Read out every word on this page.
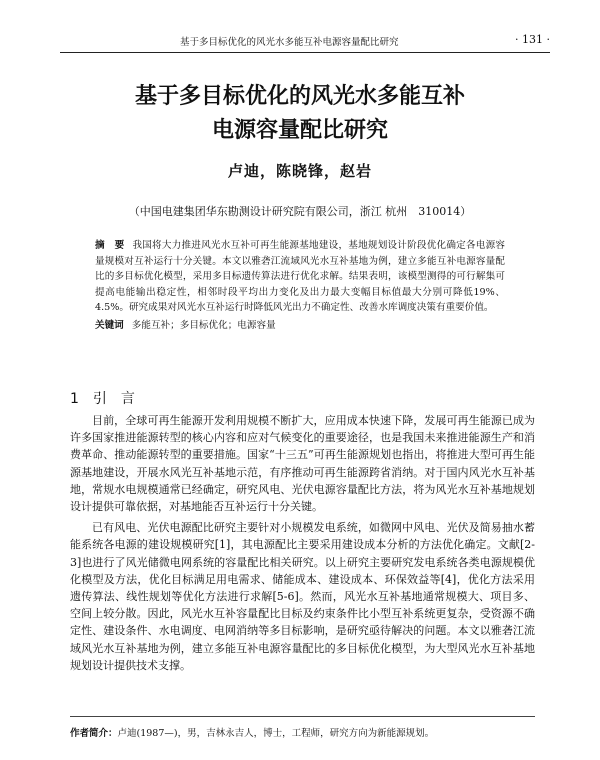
基于多目标优化的风光水多能互补电源容量配比研究	· 131 ·
基于多目标优化的风光水多能互补
电源容量配比研究
卢迪，陈晓锋，赵岩
（中国电建集团华东勘测设计研究院有限公司，浙江 杭州　310014）
摘　要 我国将大力推进风光水互补可再生能源基地建设，基地规划设计阶段优化确定各电源容量规模对互补运行十分关键。本文以雅砻江流域风光水互补基地为例，建立多能互补电源容量配比的多目标优化模型，采用多目标遗传算法进行优化求解。结果表明，该模型测得的可行解集可提高电能输出稳定性，相邻时段平均出力变化及出力最大变幅目标值最大分别可降低19%、4.5%。研究成果对风光水互补运行时降低风光出力不确定性、改善水库调度决策有重要价值。
关键词 多能互补；多目标优化；电源容量
1 引　言

目前，全球可再生能源开发利用规模不断扩大，应用成本快速下降，发展可再生能源已成为许多国家推进能源转型的核心内容和应对气候变化的重要途径，也是我国未来推进能源生产和消费革命、推动能源转型的重要措施。国家“十三五”可再生能源规划也指出，将推进大型可再生能源基地建设，开展水风光互补基地示范，有序推动可再生能源跨省消纳。对于国内风光水互补基地，常规水电规模通常已经确定，研究风电、光伏电源容量配比方法，将为风光水互补基地规划设计提供可靠依据，对基地能否互补运行十分关键。

已有风电、光伏电源配比研究主要针对小规模发电系统，如微网中风电、光伏及简易抽水蓄能系统各电源的建设规模研究[1]，其电源配比主要采用建设成本分析的方法优化确定。文献[2-3]也进行了风光储微电网系统的容量配比相关研究。以上研究主要研究发电系统各类电源规模优化模型及方法，优化目标满足用电需求、储能成本、建设成本、环保效益等[4]，优化方法采用遗传算法、线性规划等优化方法进行求解[5-6]。然而，风光水互补基地通常规模大、项目多、空间上较分散。因此，风光水互补容量配比目标及约束条件比小型互补系统更复杂，受资源不确定性、建设条件、水电调度、电网消纳等多目标影响，是研究亟待解决的问题。本文以雅砻江流域风光水互补基地为例，建立多能互补电源容量配比的多目标优化模型，为大型风光水互补基地规划设计提供技术支撑。

作者简介：卢迪(1987—)，男，吉林永吉人，博士，工程师，研究方向为新能源规划。
